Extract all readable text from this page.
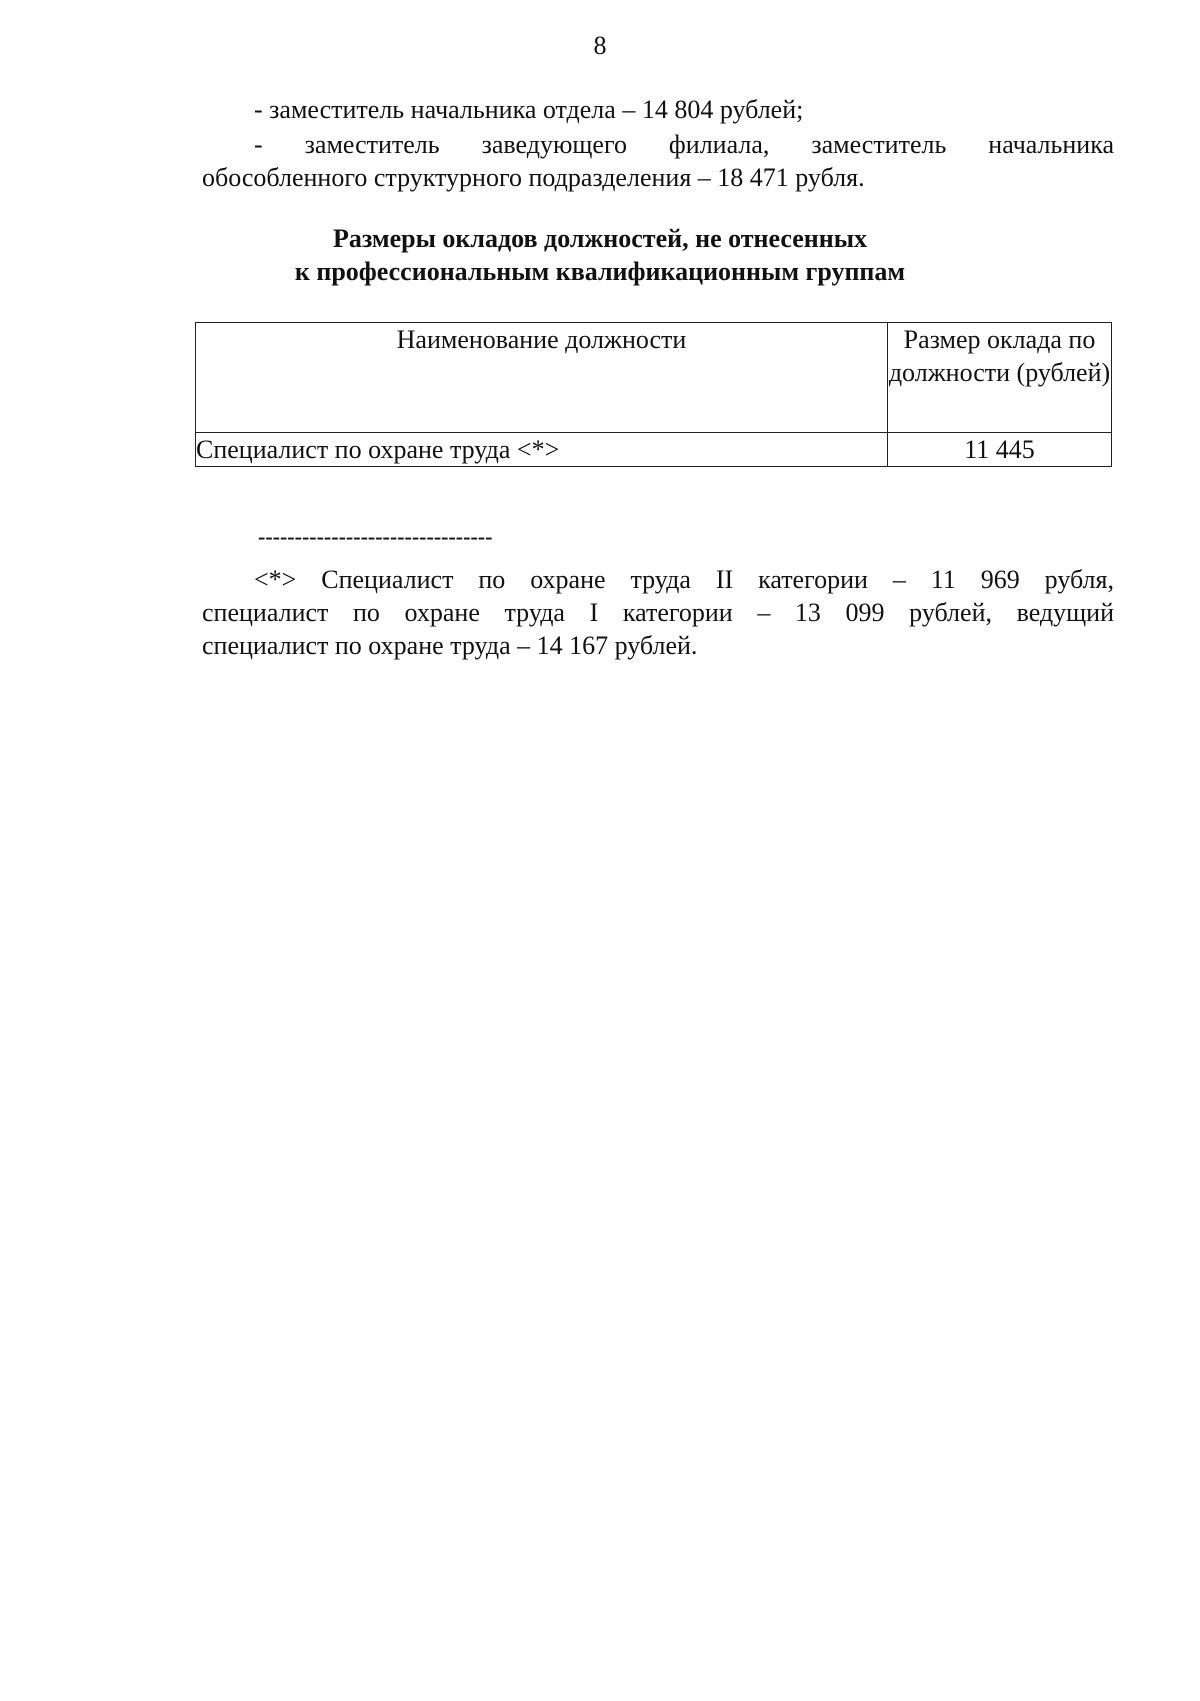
8
- заместитель начальника отдела – 14 804 рублей;
- заместитель заведующего филиала, заместитель начальника
обособленного структурного подразделения – 18 471 рубля.
Размеры окладов должностей, не отнесенных
к профессиональным квалификационным группам
Наименование должности	Размер оклада по должности (рублей)
Специалист по охране труда <*>	11 445
--------------------------------
<*> Специалист по охране труда II категории – 11 969 рубля,
специалист по охране труда I категории – 13 099 рублей, ведущий
специалист по охране труда – 14 167 рублей.
